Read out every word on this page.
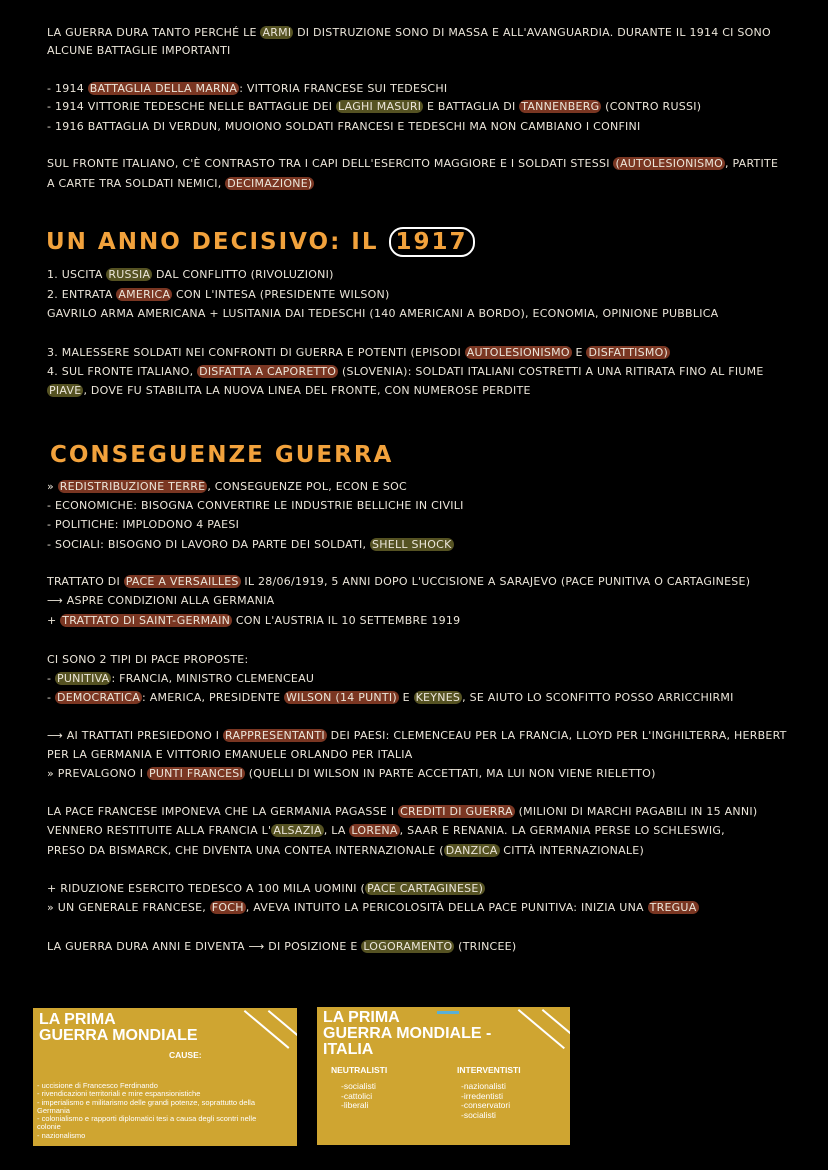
LA GUERRA DURA TANTO PERCHÉ LE ARMI DI DISTRUZIONE SONO DI MASSA E ALL'AVANGUARDIA. DURANTE IL 1914 CI SONO
ALCUNE BATTAGLIE IMPORTANTI
- 1914 BATTAGLIA DELLA MARNA : VITTORIA FRANCESE SUI TEDESCHI
- 1914 VITTORIE TEDESCHE NELLE BATTAGLIE DEI LAGHI MASURI E BATTAGLIA DI TANNENBERG (CONTRO RUSSI)
- 1916 BATTAGLIA DI VERDUN, MUOIONO SOLDATI FRANCESI E TEDESCHI MA NON CAMBIANO I CONFINI
SUL FRONTE ITALIANO, C'È CONTRASTO TRA I CAPI DELL'ESERCITO MAGGIORE E I SOLDATI STESSI (AUTOLESIONISMO , PARTITE
A CARTE TRA SOLDATI NEMICI, DECIMAZIONE)
UN ANNO DECISIVO: IL 1917
1. USCITA RUSSIA DAL CONFLITTO (RIVOLUZIONI)
2. ENTRATA AMERICA CON L'INTESA (PRESIDENTE WILSON)
GAVRILO ARMA AMERICANA + LUSITANIA DAI TEDESCHI (140 AMERICANI A BORDO), ECONOMIA, OPINIONE PUBBLICA
3. MALESSERE SOLDATI NEI CONFRONTI DI GUERRA E POTENTI (EPISODI AUTOLESIONISMO E DISFATTISMO)
4. SUL FRONTE ITALIANO, DISFATTA A CAPORETTO (SLOVENIA): SOLDATI ITALIANI COSTRETTI A UNA RITIRATA FINO AL FIUME
PIAVE , DOVE FU STABILITA LA NUOVA LINEA DEL FRONTE, CON NUMEROSE PERDITE
CONSEGUENZE GUERRA
» REDISTRIBUZIONE TERRE , CONSEGUENZE POL, ECON E SOC
- ECONOMICHE: BISOGNA CONVERTIRE LE INDUSTRIE BELLICHE IN CIVILI
- POLITICHE: IMPLODONO 4 PAESI
- SOCIALI: BISOGNO DI LAVORO DA PARTE DEI SOLDATI, SHELL SHOCK
TRATTATO DI PACE A VERSAILLES IL 28/06/1919, 5 ANNI DOPO L'UCCISIONE A SARAJEVO (PACE PUNITIVA O CARTAGINESE)
⟶ ASPRE CONDIZIONI ALLA GERMANIA
+ TRATTATO DI SAINT-GERMAIN CON L'AUSTRIA IL 10 SETTEMBRE 1919
CI SONO 2 TIPI DI PACE PROPOSTE:
- PUNITIVA : FRANCIA, MINISTRO CLEMENCEAU
- DEMOCRATICA : AMERICA, PRESIDENTE WILSON (14 PUNTI) E KEYNES , SE AIUTO LO SCONFITTO POSSO ARRICCHIRMI
⟶ AI TRATTATI PRESIEDONO I RAPPRESENTANTI DEI PAESI: CLEMENCEAU PER LA FRANCIA, LLOYD PER L'INGHILTERRA, HERBERT
PER LA GERMANIA E VITTORIO EMANUELE ORLANDO PER ITALIA
» PREVALGONO I PUNTI FRANCESI (QUELLI DI WILSON IN PARTE ACCETTATI, MA LUI NON VIENE RIELETTO)
LA PACE FRANCESE IMPONEVA CHE LA GERMANIA PAGASSE I CREDITI DI GUERRA (MILIONI DI MARCHI PAGABILI IN 15 ANNI)
VENNERO RESTITUITE ALLA FRANCIA L' ALSAZIA , LA LORENA , SAAR E RENANIA. LA GERMANIA PERSE LO SCHLESWIG,
PRESO DA BISMARCK, CHE DIVENTA UNA CONTEA INTERNAZIONALE ( DANZICA CITTÀ INTERNAZIONALE)
+ RIDUZIONE ESERCITO TEDESCO A 100 MILA UOMINI ( PACE CARTAGINESE)
» UN GENERALE FRANCESE, FOCH , AVEVA INTUITO LA PERICOLOSITÀ DELLA PACE PUNITIVA: INIZIA UNA TREGUA
LA GUERRA DURA ANNI E DIVENTA ⟶ DI POSIZIONE E LOGORAMENTO (TRINCEE)
LA PRIMA
GUERRA MONDIALE
CAUSE:
- uccisione di Francesco Ferdinando
- rivendicazioni territoriali e mire espansionistiche
- imperialismo e militarismo delle grandi potenze, soprattutto della Germania
- colonialismo e rapporti diplomatici tesi a causa degli scontri nelle colonie
- nazionalismo
LA PRIMA
GUERRA MONDIALE -
ITALIA
NEUTRALISTI
-socialisti
-cattolici
-liberali
INTERVENTISTI
-nazionalisti
-irredentisti
-conservatori
-socialisti
